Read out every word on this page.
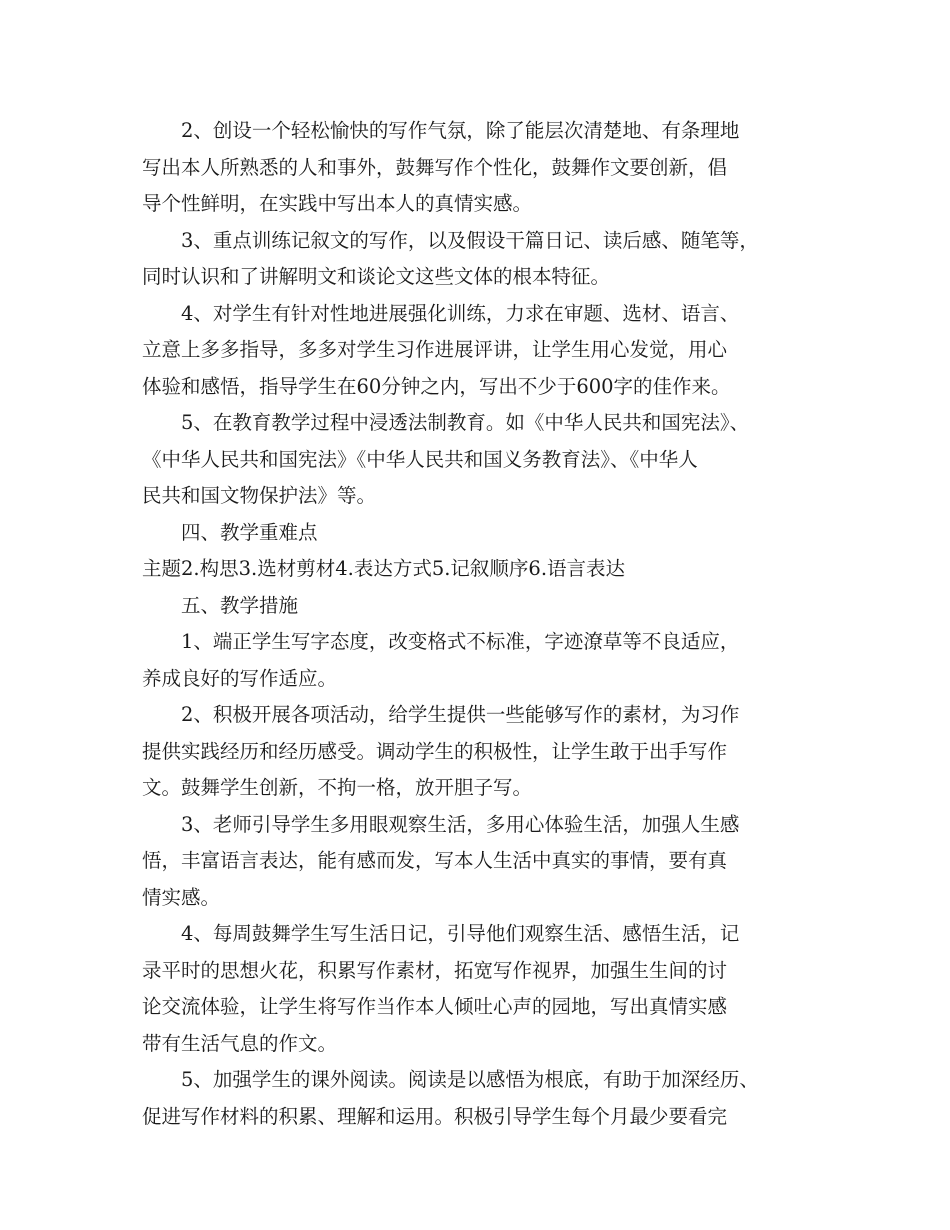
2、创设一个轻松愉快的写作气氛，除了能层次清楚地、有条理地
写出本人所熟悉的人和事外，鼓舞写作个性化，鼓舞作文要创新，倡
导个性鲜明，在实践中写出本人的真情实感。
3、重点训练记叙文的写作，以及假设干篇日记、读后感、随笔等，
同时认识和了讲解明文和谈论文这些文体的根本特征。
4、对学生有针对性地进展强化训练，力求在审题、选材、语言、
立意上多多指导，多多对学生习作进展评讲，让学生用心发觉，用心
体验和感悟，指导学生在60分钟之内，写出不少于600字的佳作来。
5、在教育教学过程中浸透法制教育。如《中华人民共和国宪法》、
《中华人民共和国宪法》《中华人民共和国义务教育法》、《中华人
民共和国文物保护法》等。
四、教学重难点
主题2.构思3.选材剪材4.表达方式5.记叙顺序6.语言表达
五、教学措施
1、端正学生写字态度，改变格式不标准，字迹潦草等不良适应，
养成良好的写作适应。
2、积极开展各项活动，给学生提供一些能够写作的素材，为习作
提供实践经历和经历感受。调动学生的积极性，让学生敢于出手写作
文。鼓舞学生创新，不拘一格，放开胆子写。
3、老师引导学生多用眼观察生活，多用心体验生活，加强人生感
悟，丰富语言表达，能有感而发，写本人生活中真实的事情，要有真
情实感。
4、每周鼓舞学生写生活日记，引导他们观察生活、感悟生活，记
录平时的思想火花，积累写作素材，拓宽写作视界，加强生生间的讨
论交流体验，让学生将写作当作本人倾吐心声的园地，写出真情实感
带有生活气息的作文。
5、加强学生的课外阅读。阅读是以感悟为根底，有助于加深经历、
促进写作材料的积累、理解和运用。积极引导学生每个月最少要看完
